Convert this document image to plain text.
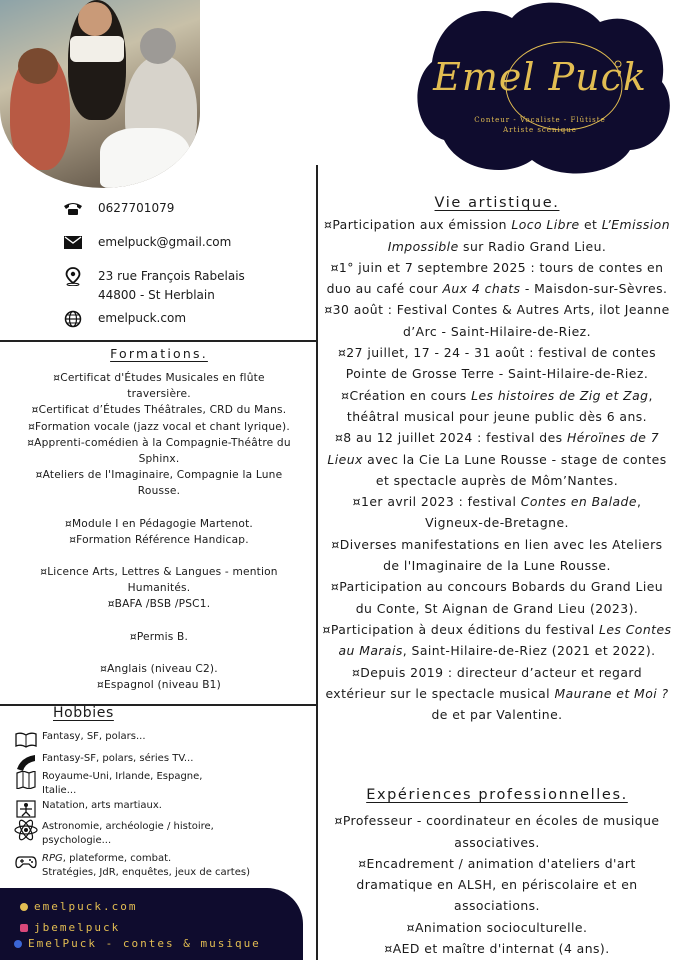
Emel Puck
Conteur - Vocaliste - Flûtiste
Artiste scénique
0627701079
emelpuck@gmail.com
23 rue François Rabelais
44800 - St Herblain
emelpuck.com
Formations.
¤Certificat d'Études Musicales en flûte
traversière.
¤Certificat d’Études Théâtrales, CRD du Mans.
¤Formation vocale (jazz vocal et chant lyrique).
¤Apprenti-comédien à la Compagnie-Théâtre du
Sphinx.
¤Ateliers de l'Imaginaire, Compagnie la Lune
Rousse.
¤Module I en Pédagogie Martenot.
¤Formation Référence Handicap.
¤Licence Arts, Lettres & Langues - mention
Humanités.
¤BAFA /BSB /PSC1.
¤Permis B.
¤Anglais (niveau C2).
¤Espagnol (niveau B1)
Hobbies
Fantasy, SF, polars...
Fantasy-SF, polars, séries TV...
Royaume-Uni, Irlande, Espagne,
Italie...
Natation, arts martiaux.
Astronomie, archéologie / histoire,
psychologie...
RPG, plateforme, combat.
Stratégies, JdR, enquêtes, jeux de cartes)
emelpuck.com
jbemelpuck
EmelPuck - contes & musique
Vie artistique.
¤Participation aux émission Loco Libre et L’Emission Impossible sur Radio Grand Lieu.
¤1° juin et 7 septembre 2025 : tours de contes en duo au café cour Aux 4 chats - Maisdon-sur-Sèvres.
¤30 août : Festival Contes & Autres Arts, ilot Jeanne d’Arc - Saint-Hilaire-de-Riez.
¤27 juillet, 17 - 24 - 31 août : festival de contes Pointe de Grosse Terre - Saint-Hilaire-de-Riez.
¤Création en cours Les histoires de Zig et Zag, théâtral musical pour jeune public dès 6 ans.
¤8 au 12 juillet 2024 : festival des Héroïnes de 7 Lieux avec la Cie La Lune Rousse - stage de contes et spectacle auprès de Môm’Nantes.
¤1er avril 2023 : festival Contes en Balade, Vigneux-de-Bretagne.
¤Diverses manifestations en lien avec les Ateliers de l'Imaginaire de la Lune Rousse.
¤Participation au concours Bobards du Grand Lieu du Conte, St Aignan de Grand Lieu (2023).
¤Participation à deux éditions du festival Les Contes au Marais, Saint-Hilaire-de-Riez (2021 et 2022).
¤Depuis 2019 : directeur d’acteur et regard extérieur sur le spectacle musical Maurane et Moi ? de et par Valentine.
Expériences professionnelles.
¤Professeur - coordinateur en écoles de musique associatives.
¤Encadrement / animation d'ateliers d'art dramatique en ALSH, en périscolaire et en associations.
¤Animation socioculturelle.
¤AED et maître d'internat (4 ans).
